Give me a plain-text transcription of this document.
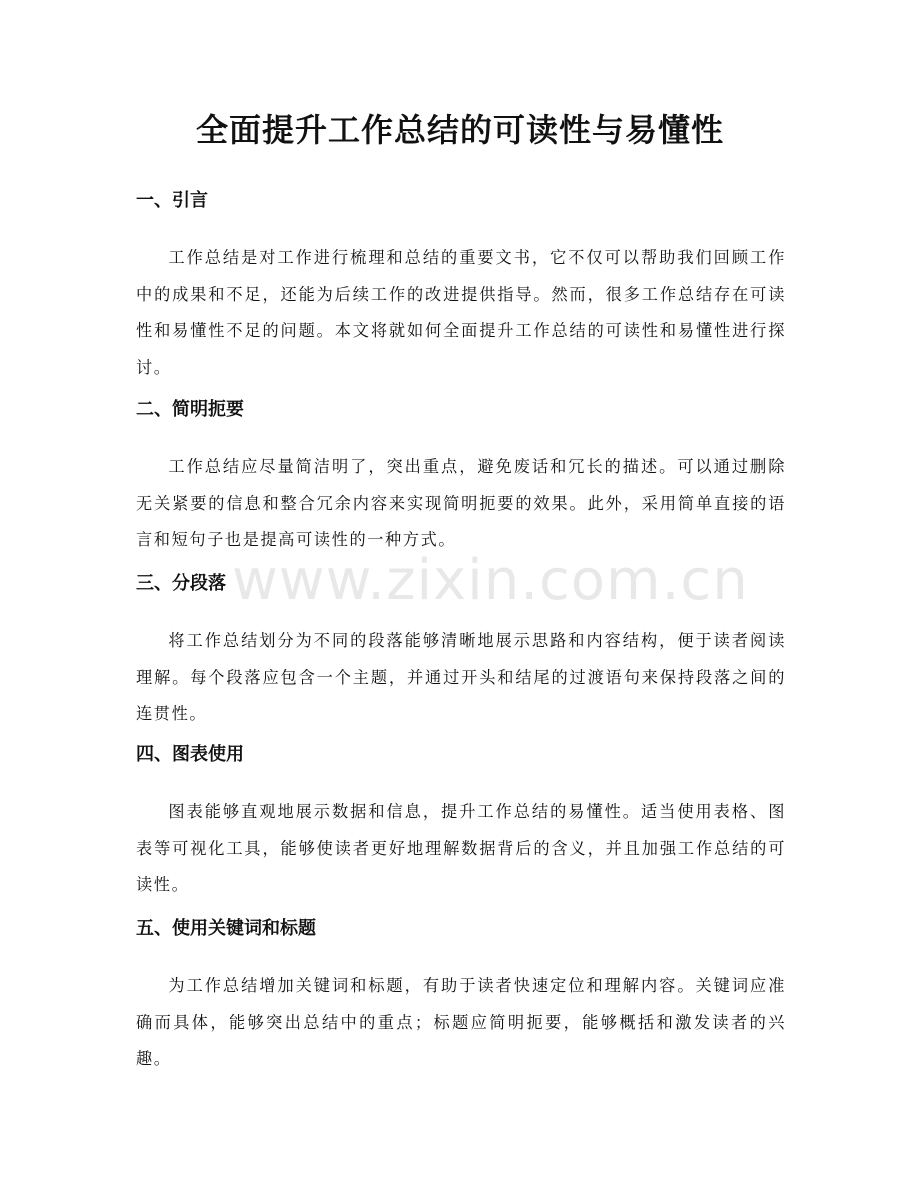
全面提升工作总结的可读性与易懂性
一、引言

工作总结是对工作进行梳理和总结的重要文书，它不仅可以帮助我们回顾工作中的成果和不足，还能为后续工作的改进提供指导。然而，很多工作总结存在可读性和易懂性不足的问题。本文将就如何全面提升工作总结的可读性和易懂性进行探讨。

二、简明扼要

工作总结应尽量简洁明了，突出重点，避免废话和冗长的描述。可以通过删除无关紧要的信息和整合冗余内容来实现简明扼要的效果。此外，采用简单直接的语言和短句子也是提高可读性的一种方式。

三、分段落

将工作总结划分为不同的段落能够清晰地展示思路和内容结构，便于读者阅读理解。每个段落应包含一个主题，并通过开头和结尾的过渡语句来保持段落之间的连贯性。

四、图表使用

图表能够直观地展示数据和信息，提升工作总结的易懂性。适当使用表格、图表等可视化工具，能够使读者更好地理解数据背后的含义，并且加强工作总结的可读性。

五、使用关键词和标题

为工作总结增加关键词和标题，有助于读者快速定位和理解内容。关键词应准确而具体，能够突出总结中的重点；标题应简明扼要，能够概括和激发读者的兴趣。

www.zixin.com.cn
